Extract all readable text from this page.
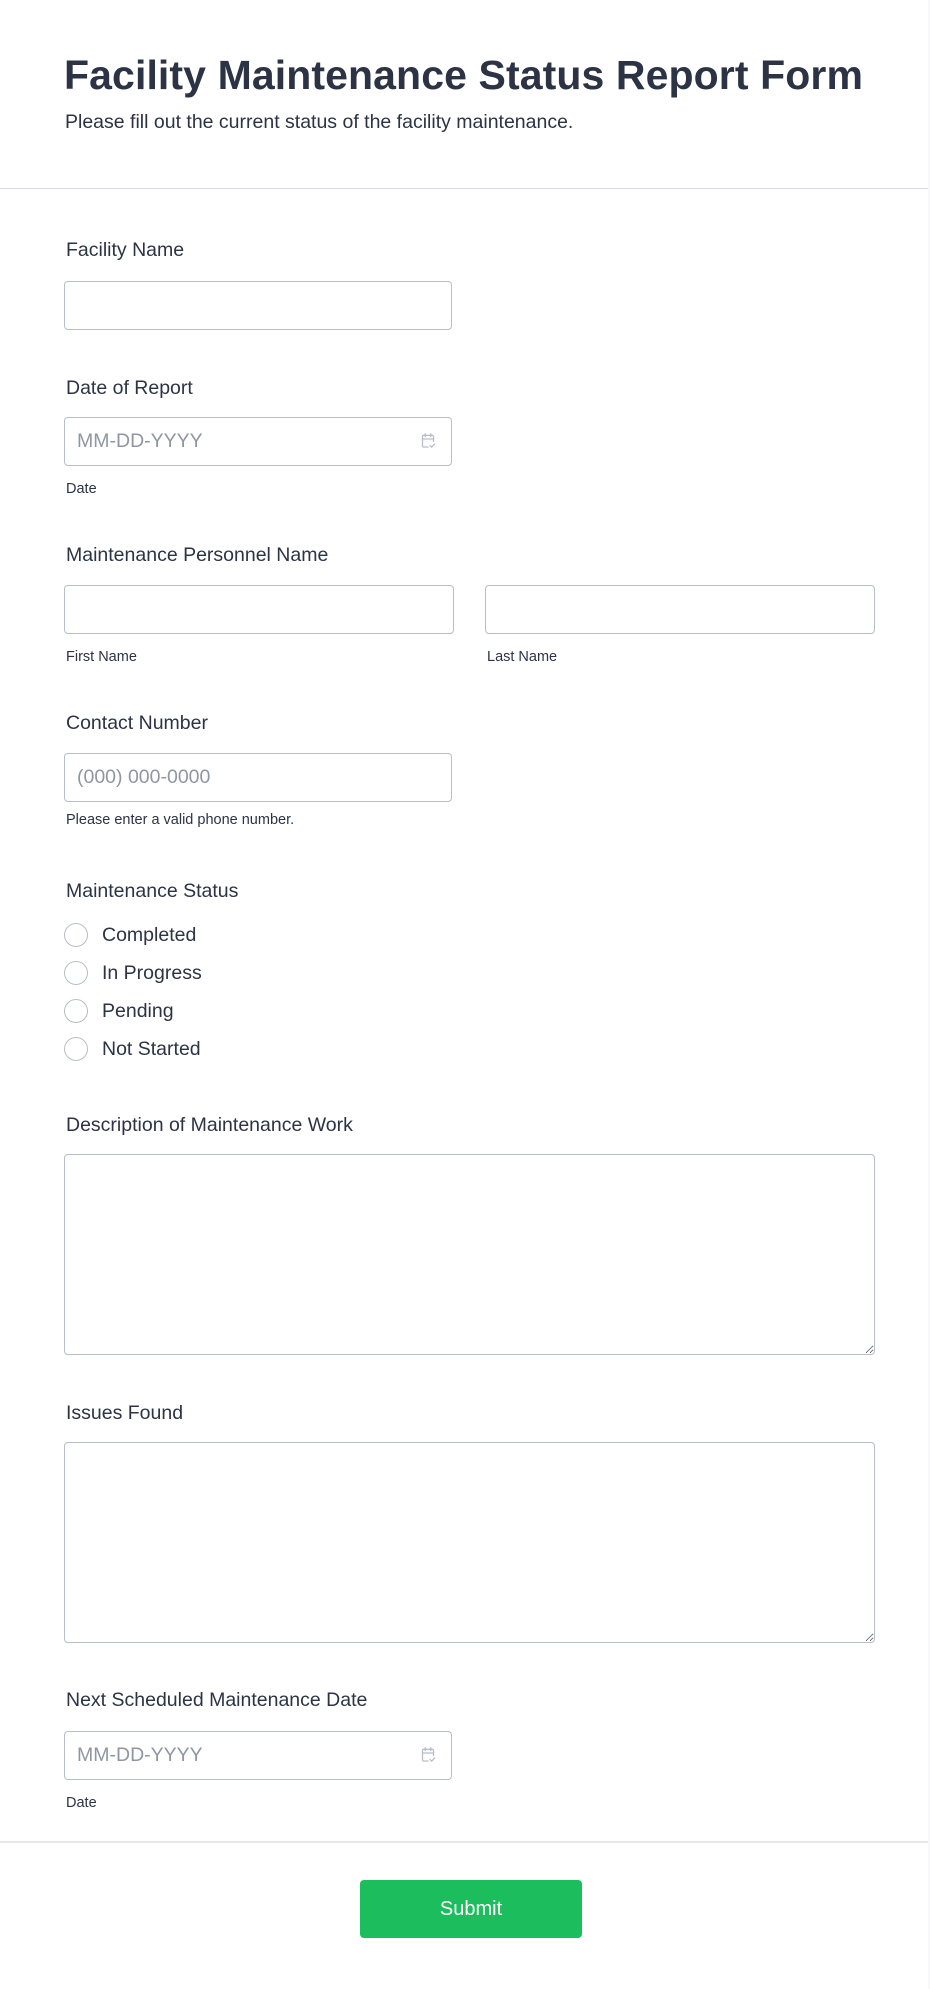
Facility Maintenance Status Report Form
Please fill out the current status of the facility maintenance.
Facility Name
Date of Report
MM-DD-YYYY
Date
Maintenance Personnel Name
First Name	Last Name
Contact Number
(000) 000-0000
Please enter a valid phone number.
Maintenance Status
Completed
In Progress
Pending
Not Started
Description of Maintenance Work
Issues Found
Next Scheduled Maintenance Date
MM-DD-YYYY
Date
Submit
